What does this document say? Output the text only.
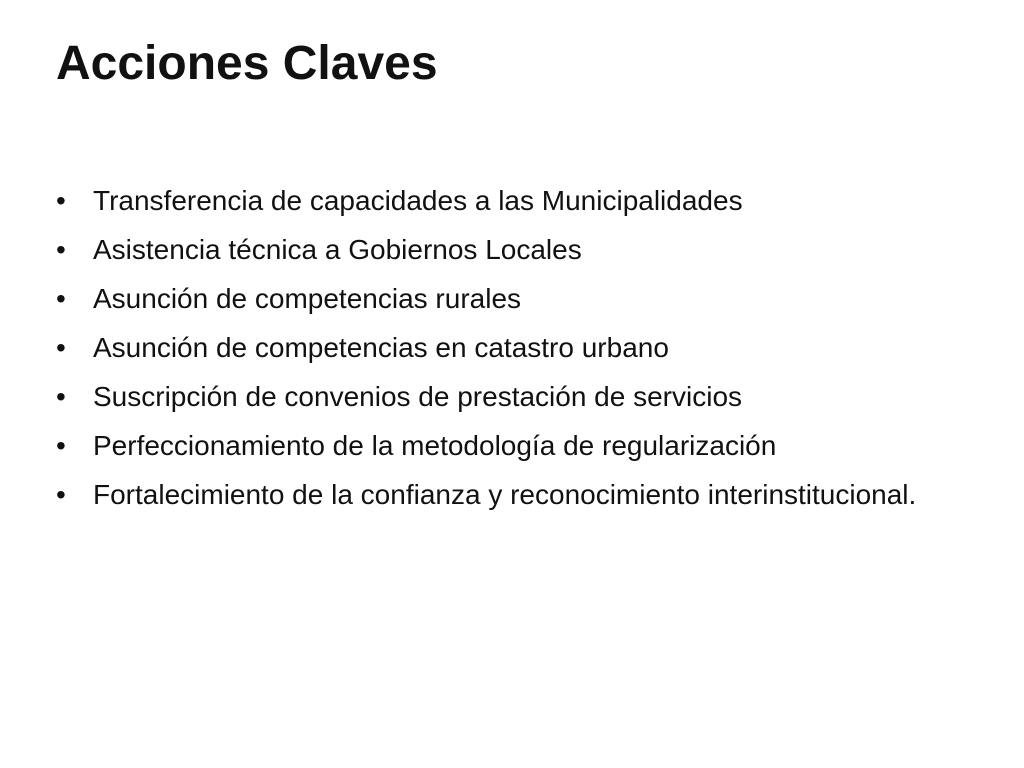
Acciones Claves
• Transferencia de capacidades a las Municipalidades
• Asistencia técnica a Gobiernos Locales
• Asunción de competencias rurales
• Asunción de competencias en catastro urbano
• Suscripción de convenios de prestación de servicios
• Perfeccionamiento de la metodología de regularización
• Fortalecimiento de la confianza y reconocimiento interinstitucional.
